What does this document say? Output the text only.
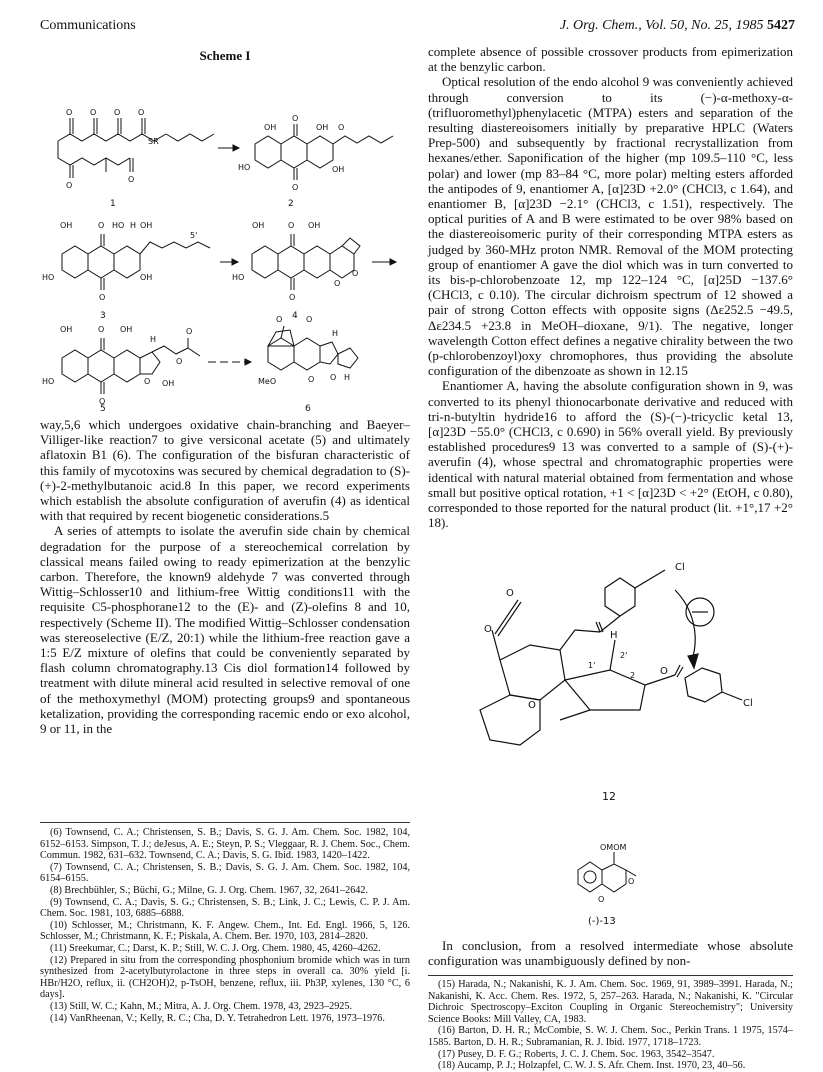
Communications	J. Org. Chem., Vol. 50, No. 25, 1985 5427
Scheme I
O O O O
SR
O
O
1
OH
O
OH O
HO
O
OH
2
OH	O HO H OH
5'
HO	OH
O
3
OH	O OH
HO
O
O
O
4
OH	O OH
H
O
O
HO	O OH
O
5
O	O
H
MeO	O O H
6

way,5,6 which undergoes oxidative chain-branching and Baeyer–Villiger-like reaction7 to give versiconal acetate (5) and ultimately aflatoxin B1 (6). The configuration of the bisfuran characteristic of this family of mycotoxins was secured by chemical degradation to (S)-(+)-2-methylbutanoic acid.8 In this paper, we record experiments which establish the absolute configuration of averufin (4) as identical with that required by recent biogenetic considerations.5

A series of attempts to isolate the averufin side chain by chemical degradation for the purpose of a stereochemical correlation by classical means failed owing to ready epimerization at the benzylic carbon. Therefore, the known9 aldehyde 7 was converted through Wittig–Schlosser10 and lithium-free Wittig conditions11 with the requisite C5-phosphorane12 to the (E)- and (Z)-olefins 8 and 10, respectively (Scheme II). The modified Wittig–Schlosser condensation was stereoselective (E/Z, 20:1) while the lithium-free reaction gave a 1:5 E/Z mixture of olefins that could be conveniently separated by flash column chromatography.13 Cis diol formation14 followed by treatment with dilute mineral acid resulted in selective removal of one of the methoxymethyl (MOM) protecting groups9 and spontaneous ketalization, providing the corresponding racemic endo or exo alcohol, 9 or 11, in the

(6) Townsend, C. A.; Christensen, S. B.; Davis, S. G. J. Am. Chem. Soc. 1982, 104, 6152–6153. Simpson, T. J.; deJesus, A. E.; Steyn, P. S.; Vleggaar, R. J. Chem. Soc., Chem. Commun. 1982, 631–632. Townsend, C. A.; Davis, S. G. Ibid. 1983, 1420–1422.

(7) Townsend, C. A.; Christensen, S. B.; Davis, S. G. J. Am. Chem. Soc. 1982, 104, 6154–6155.

(8) Brechbühler, S.; Büchi, G.; Milne, G. J. Org. Chem. 1967, 32, 2641–2642.

(9) Townsend, C. A.; Davis, S. G.; Christensen, S. B.; Link, J. C.; Lewis, C. P. J. Am. Chem. Soc. 1981, 103, 6885–6888.

(10) Schlosser, M.; Christmann, K. F. Angew. Chem., Int. Ed. Engl. 1966, 5, 126. Schlosser, M.; Christmann, K. F.; Piskala, A. Chem. Ber. 1970, 103, 2814–2820.

(11) Sreekumar, C.; Darst, K. P.; Still, W. C. J. Org. Chem. 1980, 45, 4260–4262.

(12) Prepared in situ from the corresponding phosphonium bromide which was in turn synthesized from 2-acetylbutyrolactone in three steps in overall ca. 30% yield [i. HBr/H2O, reflux, ii. (CH2OH)2, p-TsOH, benzene, reflux, iii. Ph3P, xylenes, 130 °C, 6 days].

(13) Still, W. C.; Kahn, M.; Mitra, A. J. Org. Chem. 1978, 43, 2923–2925.

(14) VanRheenan, V.; Kelly, R. C.; Cha, D. Y. Tetrahedron Lett. 1976, 1973–1976.

complete absence of possible crossover products from epimerization at the benzylic carbon.

Optical resolution of the endo alcohol 9 was conveniently achieved through conversion to its (−)-α-methoxy-α-(trifluoromethyl)phenylacetic (MTPA) esters and separation of the resulting diastereoisomers initially by preparative HPLC (Waters Prep-500) and subsequently by fractional recrystallization from hexanes/ether. Saponification of the higher (mp 109.5–110 °C, less polar) and lower (mp 83–84 °C, more polar) melting esters afforded the antipodes of 9, enantiomer A, [α]23D +2.0° (CHCl3, c 1.64), and enantiomer B, [α]23D −2.1° (CHCl3, c 1.51), respectively. The optical purities of A and B were estimated to be over 98% based on the diastereoisomeric purity of their corresponding MTPA esters as judged by 360-MHz proton NMR. Removal of the MOM protecting group of enantiomer A gave the diol which was in turn converted to its bis-p-chlorobenzoate 12, mp 122–124 °C, [α]25D −137.6° (CHCl3, c 0.10). The circular dichroism spectrum of 12 showed a pair of strong Cotton effects with opposite signs (Δε252.5 −49.5, Δε234.5 +23.8 in MeOH–dioxane, 9/1). The negative, longer wavelength Cotton effect defines a negative chirality between the two (p-chlorobenzoyl)oxy chromophores, thus providing the absolute configuration of the dibenzoate as shown in 12.15

Enantiomer A, having the absolute configuration shown in 9, was converted to its phenyl thionocarbonate derivative and reduced with tri-n-butyltin hydride16 to afford the (S)-(−)-tricyclic ketal 13, [α]23D −55.0° (CHCl3, c 0.690) in 56% overall yield. By previously established procedures9 13 was converted to a sample of (S)-(+)-averufin (4), whose spectral and chromatographic properties were identical with natural material obtained from fermentation and whose small but positive optical rotation, +1 < [α]23D < +2° (EtOH, c 0.80), corresponded to those reported for the natural product (lit. +1°,17 +2° 18).

Cl
O
O
O
O
Cl
H
1'
2'
2
12
OMOM
O
O
(-)-13

In conclusion, from a resolved intermediate whose absolute configuration was unambiguously defined by non-

(15) Harada, N.; Nakanishi, K. J. Am. Chem. Soc. 1969, 91, 3989–3991. Harada, N.; Nakanishi, K. Acc. Chem. Res. 1972, 5, 257–263. Harada, N.; Nakanishi, K. "Circular Dichroic Spectroscopy–Exciton Coupling in Organic Stereochemistry"; University Science Books: Mill Valley, CA, 1983.

(16) Barton, D. H. R.; McCombie, S. W. J. Chem. Soc., Perkin Trans. 1 1975, 1574–1585. Barton, D. H. R.; Subramanian, R. J. Ibid. 1977, 1718–1723.

(17) Pusey, D. F. G.; Roberts, J. C. J. Chem. Soc. 1963, 3542–3547.

(18) Aucamp, P. J.; Holzapfel, C. W. J. S. Afr. Chem. Inst. 1970, 23, 40–56.
